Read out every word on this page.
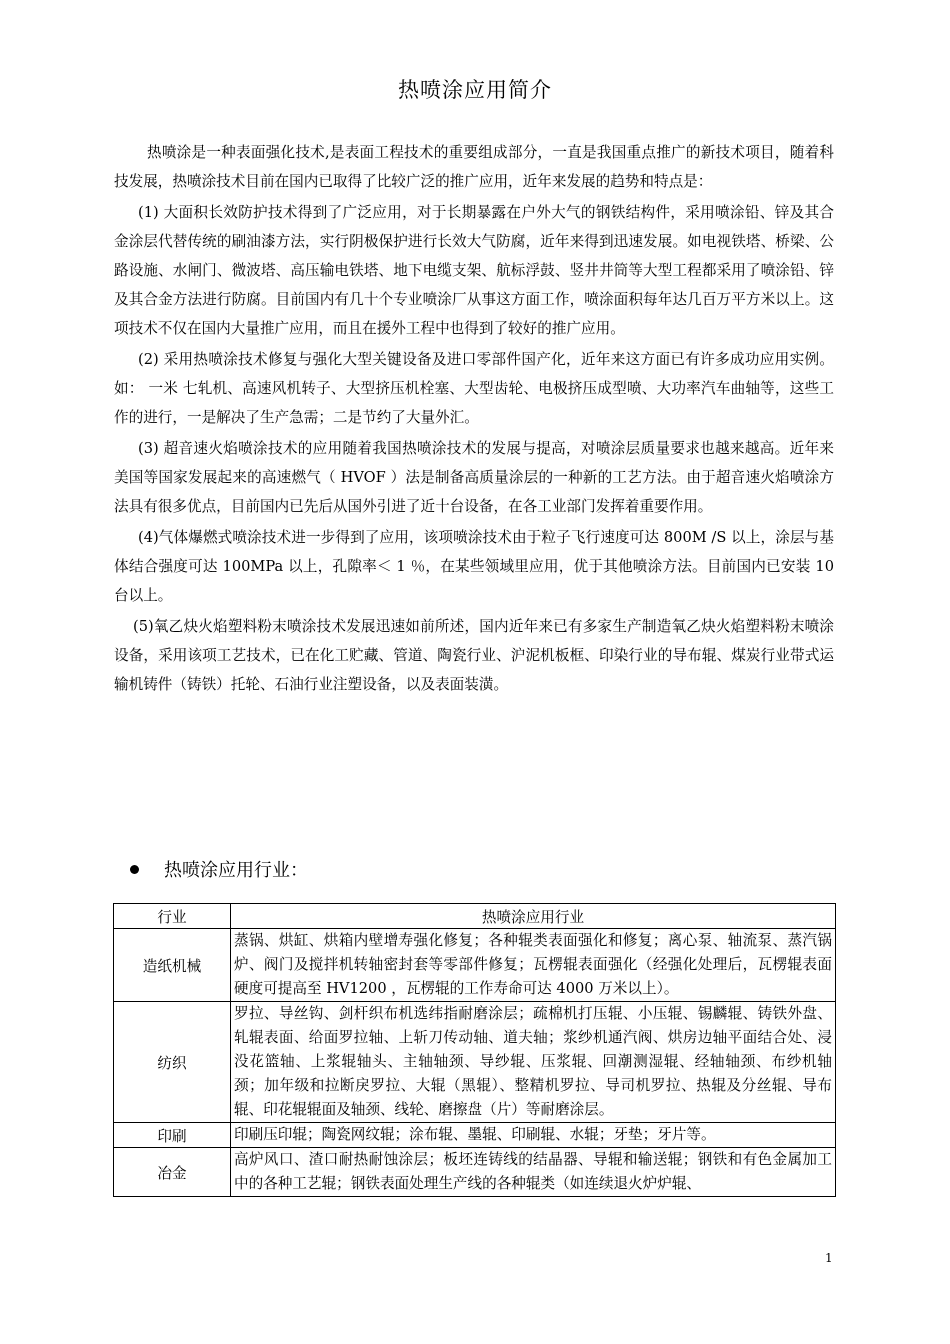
热喷涂应用简介

热喷涂是一种表面强化技术,是表面工程技术的重要组成部分，一直是我国重点推广的新技术项目，随着科技发展，热喷涂技术目前在国内已取得了比较广泛的推广应用，近年来发展的趋势和特点是：

(1) 大面积长效防护技术得到了广泛应用，对于长期暴露在户外大气的钢铁结构件，采用喷涂铅、锌及其合金涂层代替传统的刷油漆方法，实行阴极保护进行长效大气防腐，近年来得到迅速发展。如电视铁塔、桥梁、公路设施、水闸门、微波塔、高压输电铁塔、地下电缆支架、航标浮鼓、竖井井筒等大型工程都采用了喷涂铅、锌及其合金方法进行防腐。目前国内有几十个专业喷涂厂从事这方面工作，喷涂面积每年达几百万平方米以上。这项技术不仅在国内大量推广应用，而且在援外工程中也得到了较好的推广应用。

(2) 采用热喷涂技术修复与强化大型关键设备及进口零部件国产化，近年来这方面已有许多成功应用实例。如： 一米 七轧机、高速风机转子、大型挤压机栓塞、大型齿轮、电极挤压成型喷、大功率汽车曲轴等，这些工作的进行，一是解决了生产急需；二是节约了大量外汇。

(3) 超音速火焰喷涂技术的应用随着我国热喷涂技术的发展与提高，对喷涂层质量要求也越来越高。近年来美国等国家发展起来的高速燃气（ HVOF ）法是制备高质量涂层的一种新的工艺方法。由于超音速火焰喷涂方法具有很多优点，目前国内已先后从国外引进了近十台设备，在各工业部门发挥着重要作用。

(4)气体爆燃式喷涂技术进一步得到了应用，该项喷涂技术由于粒子飞行速度可达 800M /S 以上，涂层与基体结合强度可达 100MPa 以上，孔隙率＜ 1 ％，在某些领域里应用，优于其他喷涂方法。目前国内已安装 10 台以上。

(5)氧乙炔火焰塑料粉末喷涂技术发展迅速如前所述，国内近年来已有多家生产制造氧乙炔火焰塑料粉末喷涂设备，采用该项工艺技术，已在化工贮藏、管道、陶瓷行业、沪泥机板框、印染行业的导布辊、煤炭行业带式运输机铸件（铸铁）托轮、石油行业注塑设备，以及表面装潢。

热喷涂应用行业：
行业	热喷涂应用行业
造纸机械	蒸锅、烘缸、烘箱内壁增寿强化修复；各种辊类表面强化和修复；离心泵、轴流泵、蒸汽锅炉、阀门及搅拌机转轴密封套等零部件修复；瓦楞辊表面强化（经强化处理后，瓦楞辊表面硬度可提高至 HV1200 ，瓦楞辊的工作寿命可达 4000 万米以上）。
纺织	罗拉、导丝钩、剑杆织布机选纬指耐磨涂层；疏棉机打压辊、小压辊、锡麟辊、铸铁外盘、轧辊表面、给面罗拉轴、上斩刀传动轴、道夫轴；浆纱机通汽阀、烘房边轴平面结合处、浸没花篮轴、上浆辊轴头、主轴轴颈、导纱辊、压浆辊、回潮测湿辊、经轴轴颈、布纱机轴颈；加年级和拉断戾罗拉、大辊（黑辊）、整精机罗拉、导司机罗拉、热辊及分丝辊、导布辊、印花辊辊面及轴颈、线轮、磨擦盘（片）等耐磨涂层。
印刷	印刷压印辊；陶瓷网纹辊；涂布辊、墨辊、印刷辊、水辊；牙垫；牙片等。
冶金	高炉风口、渣口耐热耐蚀涂层；板坯连铸线的结晶器、导辊和输送辊；钢铁和有色金属加工中的各种工艺辊；钢铁表面处理生产线的各种辊类（如连续退火炉炉辊、
1
